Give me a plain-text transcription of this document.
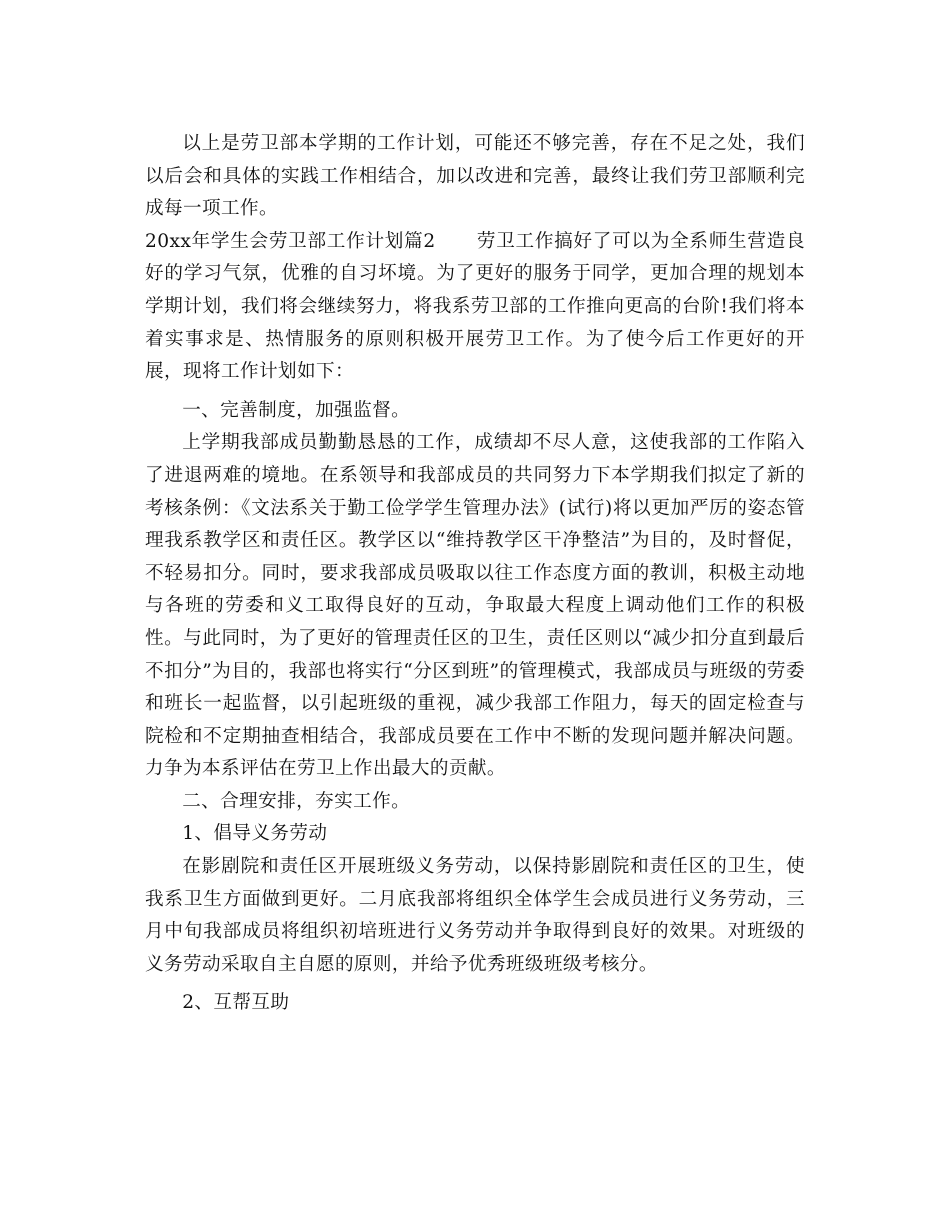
以上是劳卫部本学期的工作计划，可能还不够完善，存在不足之处，我们以后会和具体的实践工作相结合，加以改进和完善，最终让我们劳卫部顺利完成每一项工作。

20xx年学生会劳卫部工作计划篇2 劳卫工作搞好了可以为全系师生营造良好的学习气氛，优雅的自习坏境。为了更好的服务于同学，更加合理的规划本学期计划，我们将会继续努力，将我系劳卫部的工作推向更高的台阶!我们将本着实事求是、热情服务的原则积极开展劳卫工作。为了使今后工作更好的开展，现将工作计划如下：

一、完善制度，加强监督。

上学期我部成员勤勤恳恳的工作，成绩却不尽人意，这使我部的工作陷入了进退两难的境地。在系领导和我部成员的共同努力下本学期我们拟定了新的考核条例：《文法系关于勤工俭学学生管理办法》(试行)将以更加严厉的姿态管理我系教学区和责任区。教学区以“维持教学区干净整洁”为目的，及时督促，不轻易扣分。同时，要求我部成员吸取以往工作态度方面的教训，积极主动地与各班的劳委和义工取得良好的互动，争取最大程度上调动他们工作的积极性。与此同时，为了更好的管理责任区的卫生，责任区则以“减少扣分直到最后不扣分”为目的，我部也将实行“分区到班”的管理模式，我部成员与班级的劳委和班长一起监督，以引起班级的重视，减少我部工作阻力，每天的固定检查与院检和不定期抽查相结合，我部成员要在工作中不断的发现问题并解决问题。力争为本系评估在劳卫上作出最大的贡献。

二、合理安排，夯实工作。

1、倡导义务劳动

在影剧院和责任区开展班级义务劳动，以保持影剧院和责任区的卫生，使我系卫生方面做到更好。二月底我部将组织全体学生会成员进行义务劳动，三月中旬我部成员将组织初培班进行义务劳动并争取得到良好的效果。对班级的义务劳动采取自主自愿的原则，并给予优秀班级班级考核分。

2、互帮互助
